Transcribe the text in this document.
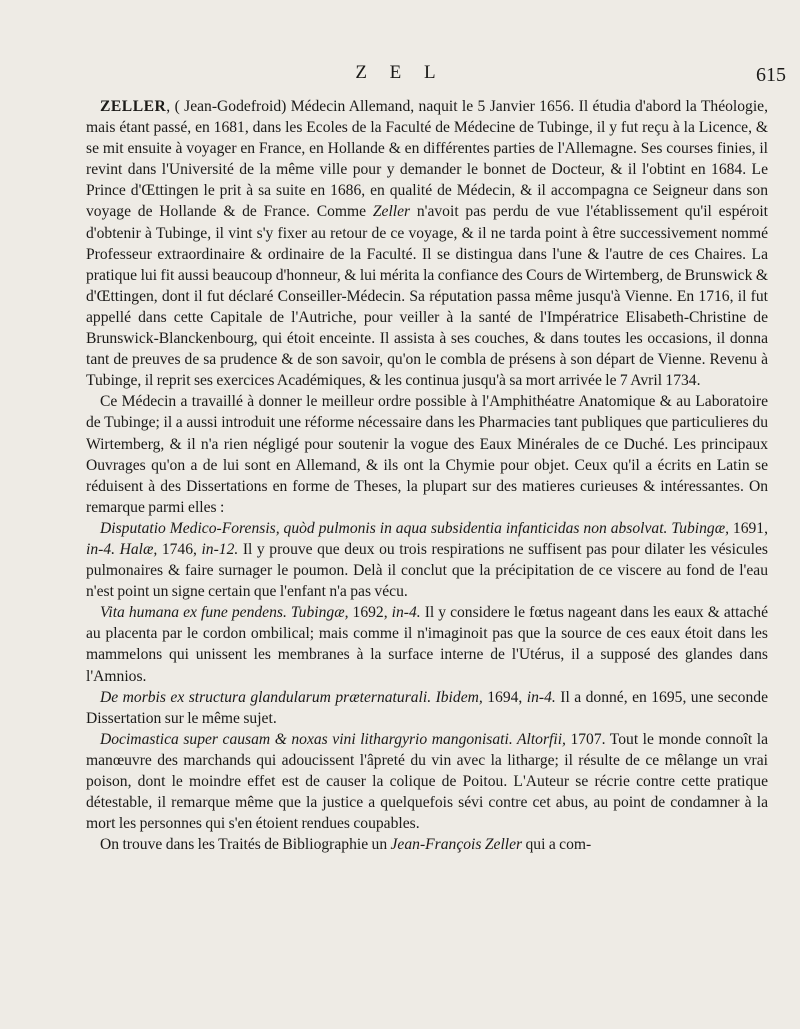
Z E L	615

ZELLER, ( Jean-Godefroid) Médecin Allemand, naquit le 5 Janvier 1656. Il étudia d'abord la Théologie, mais étant passé, en 1681, dans les Ecoles de la Faculté de Médecine de Tubinge, il y fut reçu à la Licence, & se mit ensuite à voyager en France, en Hollande & en différentes parties de l'Allemagne. Ses courses finies, il revint dans l'Université de la même ville pour y demander le bonnet de Docteur, & il l'obtint en 1684. Le Prince d'Œttingen le prit à sa suite en 1686, en qualité de Médecin, & il accompagna ce Seigneur dans son voyage de Hollande & de France. Comme Zeller n'avoit pas perdu de vue l'établissement qu'il espéroit d'obtenir à Tubinge, il vint s'y fixer au retour de ce voyage, & il ne tarda point à être successivement nommé Professeur extraordinaire & ordinaire de la Faculté. Il se distingua dans l'une & l'autre de ces Chaires. La pratique lui fit aussi beaucoup d'honneur, & lui mérita la confiance des Cours de Wirtemberg, de Brunswick & d'Œttingen, dont il fut déclaré Conseiller-Médecin. Sa réputation passa même jusqu'à Vienne. En 1716, il fut appellé dans cette Capitale de l'Autriche, pour veiller à la santé de l'Impératrice Elisabeth-Christine de Brunswick-Blanckenbourg, qui étoit enceinte. Il assista à ses couches, & dans toutes les occasions, il donna tant de preuves de sa prudence & de son savoir, qu'on le combla de présens à son départ de Vienne. Revenu à Tubinge, il reprit ses exercices Académiques, & les continua jusqu'à sa mort arrivée le 7 Avril 1734.

Ce Médecin a travaillé à donner le meilleur ordre possible à l'Amphithéatre Anatomique & au Laboratoire de Tubinge; il a aussi introduit une réforme nécessaire dans les Pharmacies tant publiques que particulieres du Wirtemberg, & il n'a rien négligé pour soutenir la vogue des Eaux Minérales de ce Duché. Les principaux Ouvrages qu'on a de lui sont en Allemand, & ils ont la Chymie pour objet. Ceux qu'il a écrits en Latin se réduisent à des Dissertations en forme de Theses, la plupart sur des matieres curieuses & intéressantes. On remarque parmi elles :

Disputatio Medico-Forensis, quòd pulmonis in aqua subsidentia infanticidas non absolvat. Tubingæ, 1691, in-4. Halæ, 1746, in-12. Il y prouve que deux ou trois respirations ne suffisent pas pour dilater les vésicules pulmonaires & faire surnager le poumon. Delà il conclut que la précipitation de ce viscere au fond de l'eau n'est point un signe certain que l'enfant n'a pas vécu.

Vita humana ex fune pendens. Tubingæ, 1692, in-4. Il y considere le fœtus nageant dans les eaux & attaché au placenta par le cordon ombilical; mais comme il n'imaginoit pas que la source de ces eaux étoit dans les mammelons qui unissent les membranes à la surface interne de l'Utérus, il a supposé des glandes dans l'Amnios.

De morbis ex structura glandularum præternaturali. Ibidem, 1694, in-4. Il a donné, en 1695, une seconde Dissertation sur le même sujet.

Docimastica super causam & noxas vini lithargyrio mangonisati. Altorfii, 1707. Tout le monde connoît la manœuvre des marchands qui adoucissent l'âpreté du vin avec la litharge; il résulte de ce mêlange un vrai poison, dont le moindre effet est de causer la colique de Poitou. L'Auteur se récrie contre cette pratique détestable, il remarque même que la justice a quelquefois sévi contre cet abus, au point de condamner à la mort les personnes qui s'en étoient rendues coupables.

On trouve dans les Traités de Bibliographie un Jean-François Zeller qui a com-
